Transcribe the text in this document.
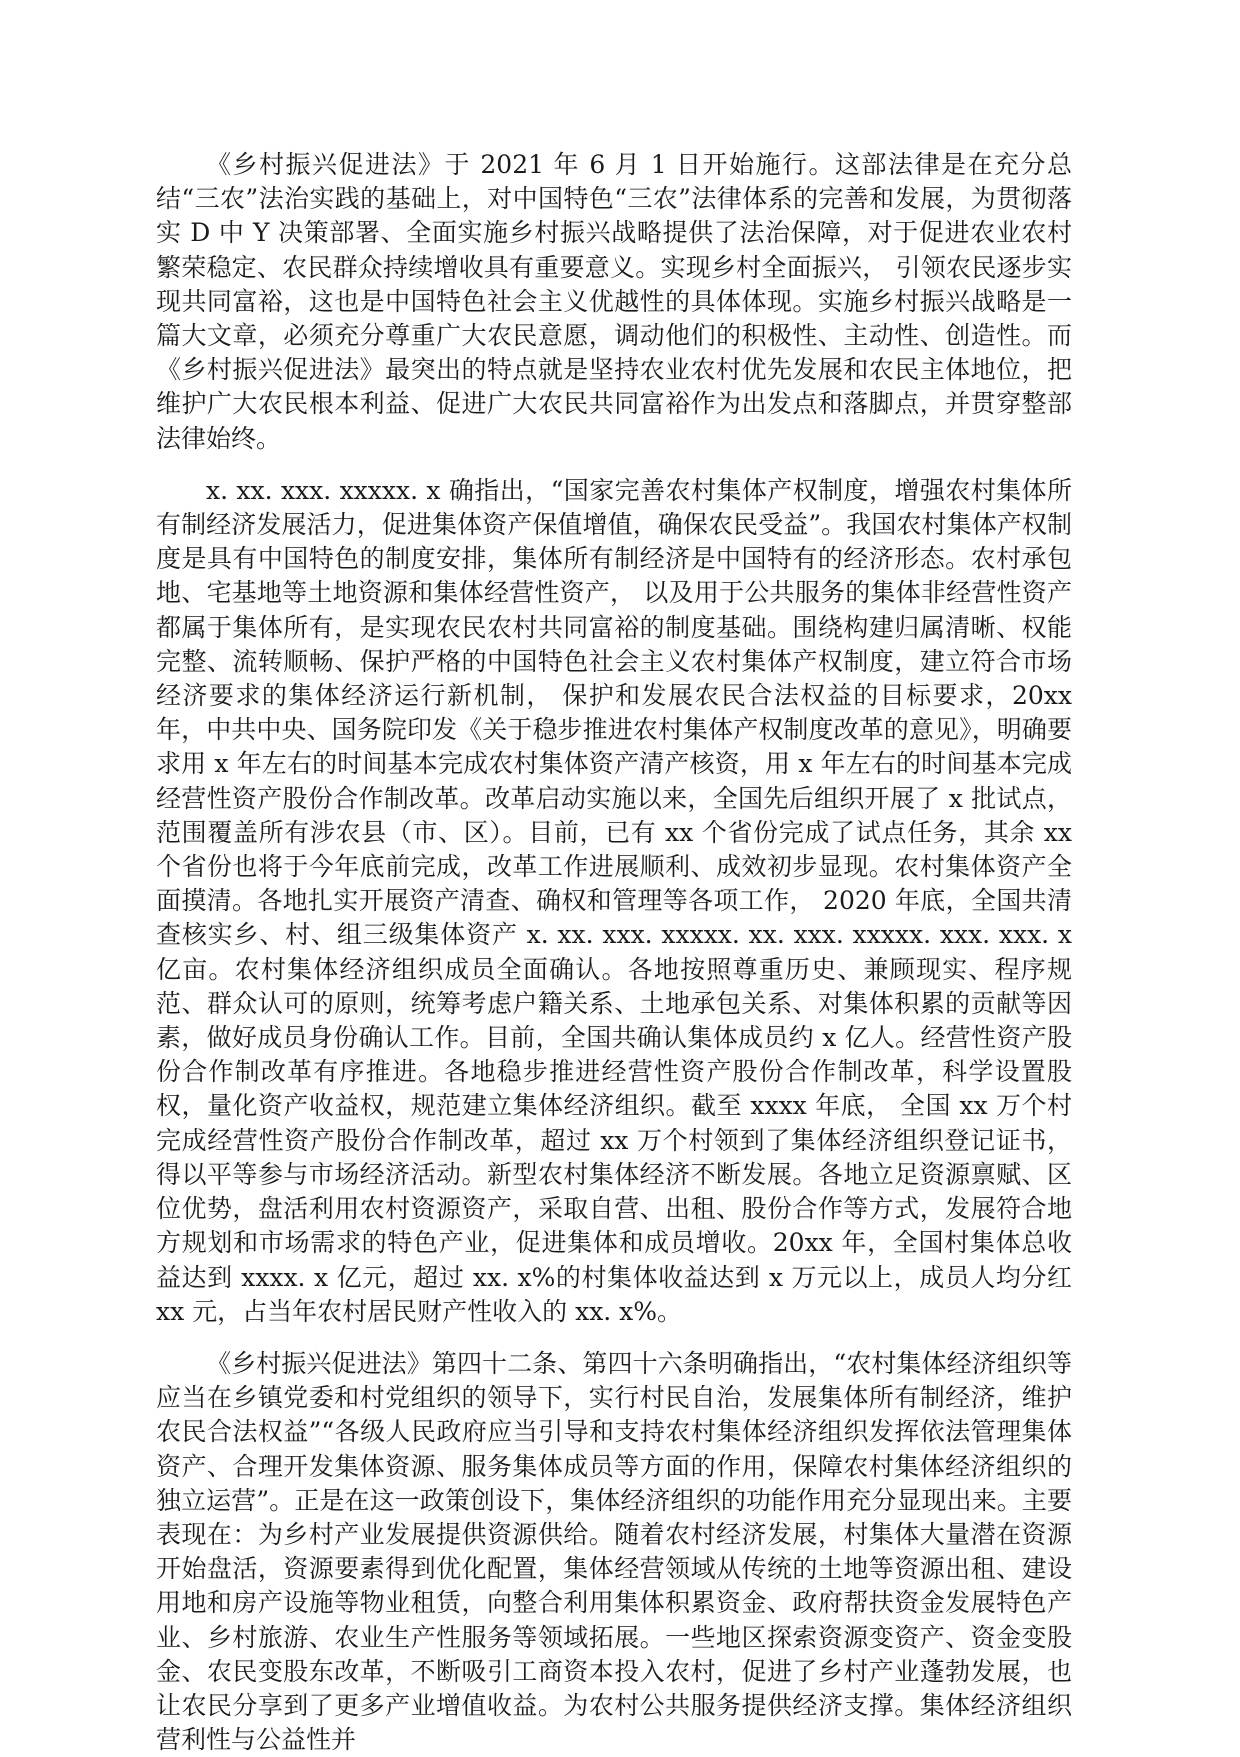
《乡村振兴促进法》于 2021 年 6 月 1 日开始施行。这部法律是在充分总结“三农”法治实践的基础上，对中国特色“三农”法律体系的完善和发展，为贯彻落实 D 中 Y 决策部署、全面实施乡村振兴战略提供了法治保障，对于促进农业农村繁荣稳定、农民群众持续增收具有重要意义。实现乡村全面振兴， 引领农民逐步实现共同富裕，这也是中国特色社会主义优越性的具体体现。实施乡村振兴战略是一篇大文章，必须充分尊重广大农民意愿，调动他们的积极性、主动性、创造性。而《乡村振兴促进法》最突出的特点就是坚持农业农村优先发展和农民主体地位，把维护广大农民根本利益、促进广大农民共同富裕作为出发点和落脚点，并贯穿整部法律始终。

x. xx. xxx. xxxxx. x 确指出，“国家完善农村集体产权制度，增强农村集体所有制经济发展活力，促进集体资产保值增值，确保农民受益”。我国农村集体产权制度是具有中国特色的制度安排，集体所有制经济是中国特有的经济形态。农村承包地、宅基地等土地资源和集体经营性资产， 以及用于公共服务的集体非经营性资产都属于集体所有，是实现农民农村共同富裕的制度基础。围绕构建归属清晰、权能完整、流转顺畅、保护严格的中国特色社会主义农村集体产权制度，建立符合市场经济要求的集体经济运行新机制， 保护和发展农民合法权益的目标要求，20xx 年，中共中央、国务院印发《关于稳步推进农村集体产权制度改革的意见》，明确要求用 x 年左右的时间基本完成农村集体资产清产核资，用 x 年左右的时间基本完成经营性资产股份合作制改革。改革启动实施以来，全国先后组织开展了 x 批试点，范围覆盖所有涉农县（市、区）。目前，已有 xx 个省份完成了试点任务，其余 xx 个省份也将于今年底前完成，改革工作进展顺利、成效初步显现。农村集体资产全面摸清。各地扎实开展资产清查、确权和管理等各项工作， 2020 年底，全国共清查核实乡、村、组三级集体资产 x. xx. xxx. xxxxx. xx. xxx. xxxxx. xxx. xxx. x 亿亩。农村集体经济组织成员全面确认。各地按照尊重历史、兼顾现实、程序规范、群众认可的原则，统筹考虑户籍关系、土地承包关系、对集体积累的贡献等因素，做好成员身份确认工作。目前，全国共确认集体成员约 x 亿人。经营性资产股份合作制改革有序推进。各地稳步推进经营性资产股份合作制改革，科学设置股权，量化资产收益权，规范建立集体经济组织。截至 xxxx 年底， 全国 xx 万个村完成经营性资产股份合作制改革，超过 xx 万个村领到了集体经济组织登记证书，得以平等参与市场经济活动。新型农村集体经济不断发展。各地立足资源禀赋、区位优势，盘活利用农村资源资产，采取自营、出租、股份合作等方式，发展符合地方规划和市场需求的特色产业，促进集体和成员增收。20xx 年，全国村集体总收益达到 xxxx. x 亿元，超过 xx. x%的村集体收益达到 x 万元以上，成员人均分红 xx 元，占当年农村居民财产性收入的 xx. x%。

《乡村振兴促进法》第四十二条、第四十六条明确指出，“农村集体经济组织等应当在乡镇党委和村党组织的领导下，实行村民自治，发展集体所有制经济，维护农民合法权益”“各级人民政府应当引导和支持农村集体经济组织发挥依法管理集体资产、合理开发集体资源、服务集体成员等方面的作用，保障农村集体经济组织的独立运营”。正是在这一政策创设下，集体经济组织的功能作用充分显现出来。主要表现在：为乡村产业发展提供资源供给。随着农村经济发展，村集体大量潜在资源开始盘活，资源要素得到优化配置，集体经营领域从传统的土地等资源出租、建设用地和房产设施等物业租赁，向整合利用集体积累资金、政府帮扶资金发展特色产业、乡村旅游、农业生产性服务等领域拓展。一些地区探索资源变资产、资金变股金、农民变股东改革，不断吸引工商资本投入农村，促进了乡村产业蓬勃发展，也让农民分享到了更多产业增值收益。为农村公共服务提供经济支撑。集体经济组织营利性与公益性并
